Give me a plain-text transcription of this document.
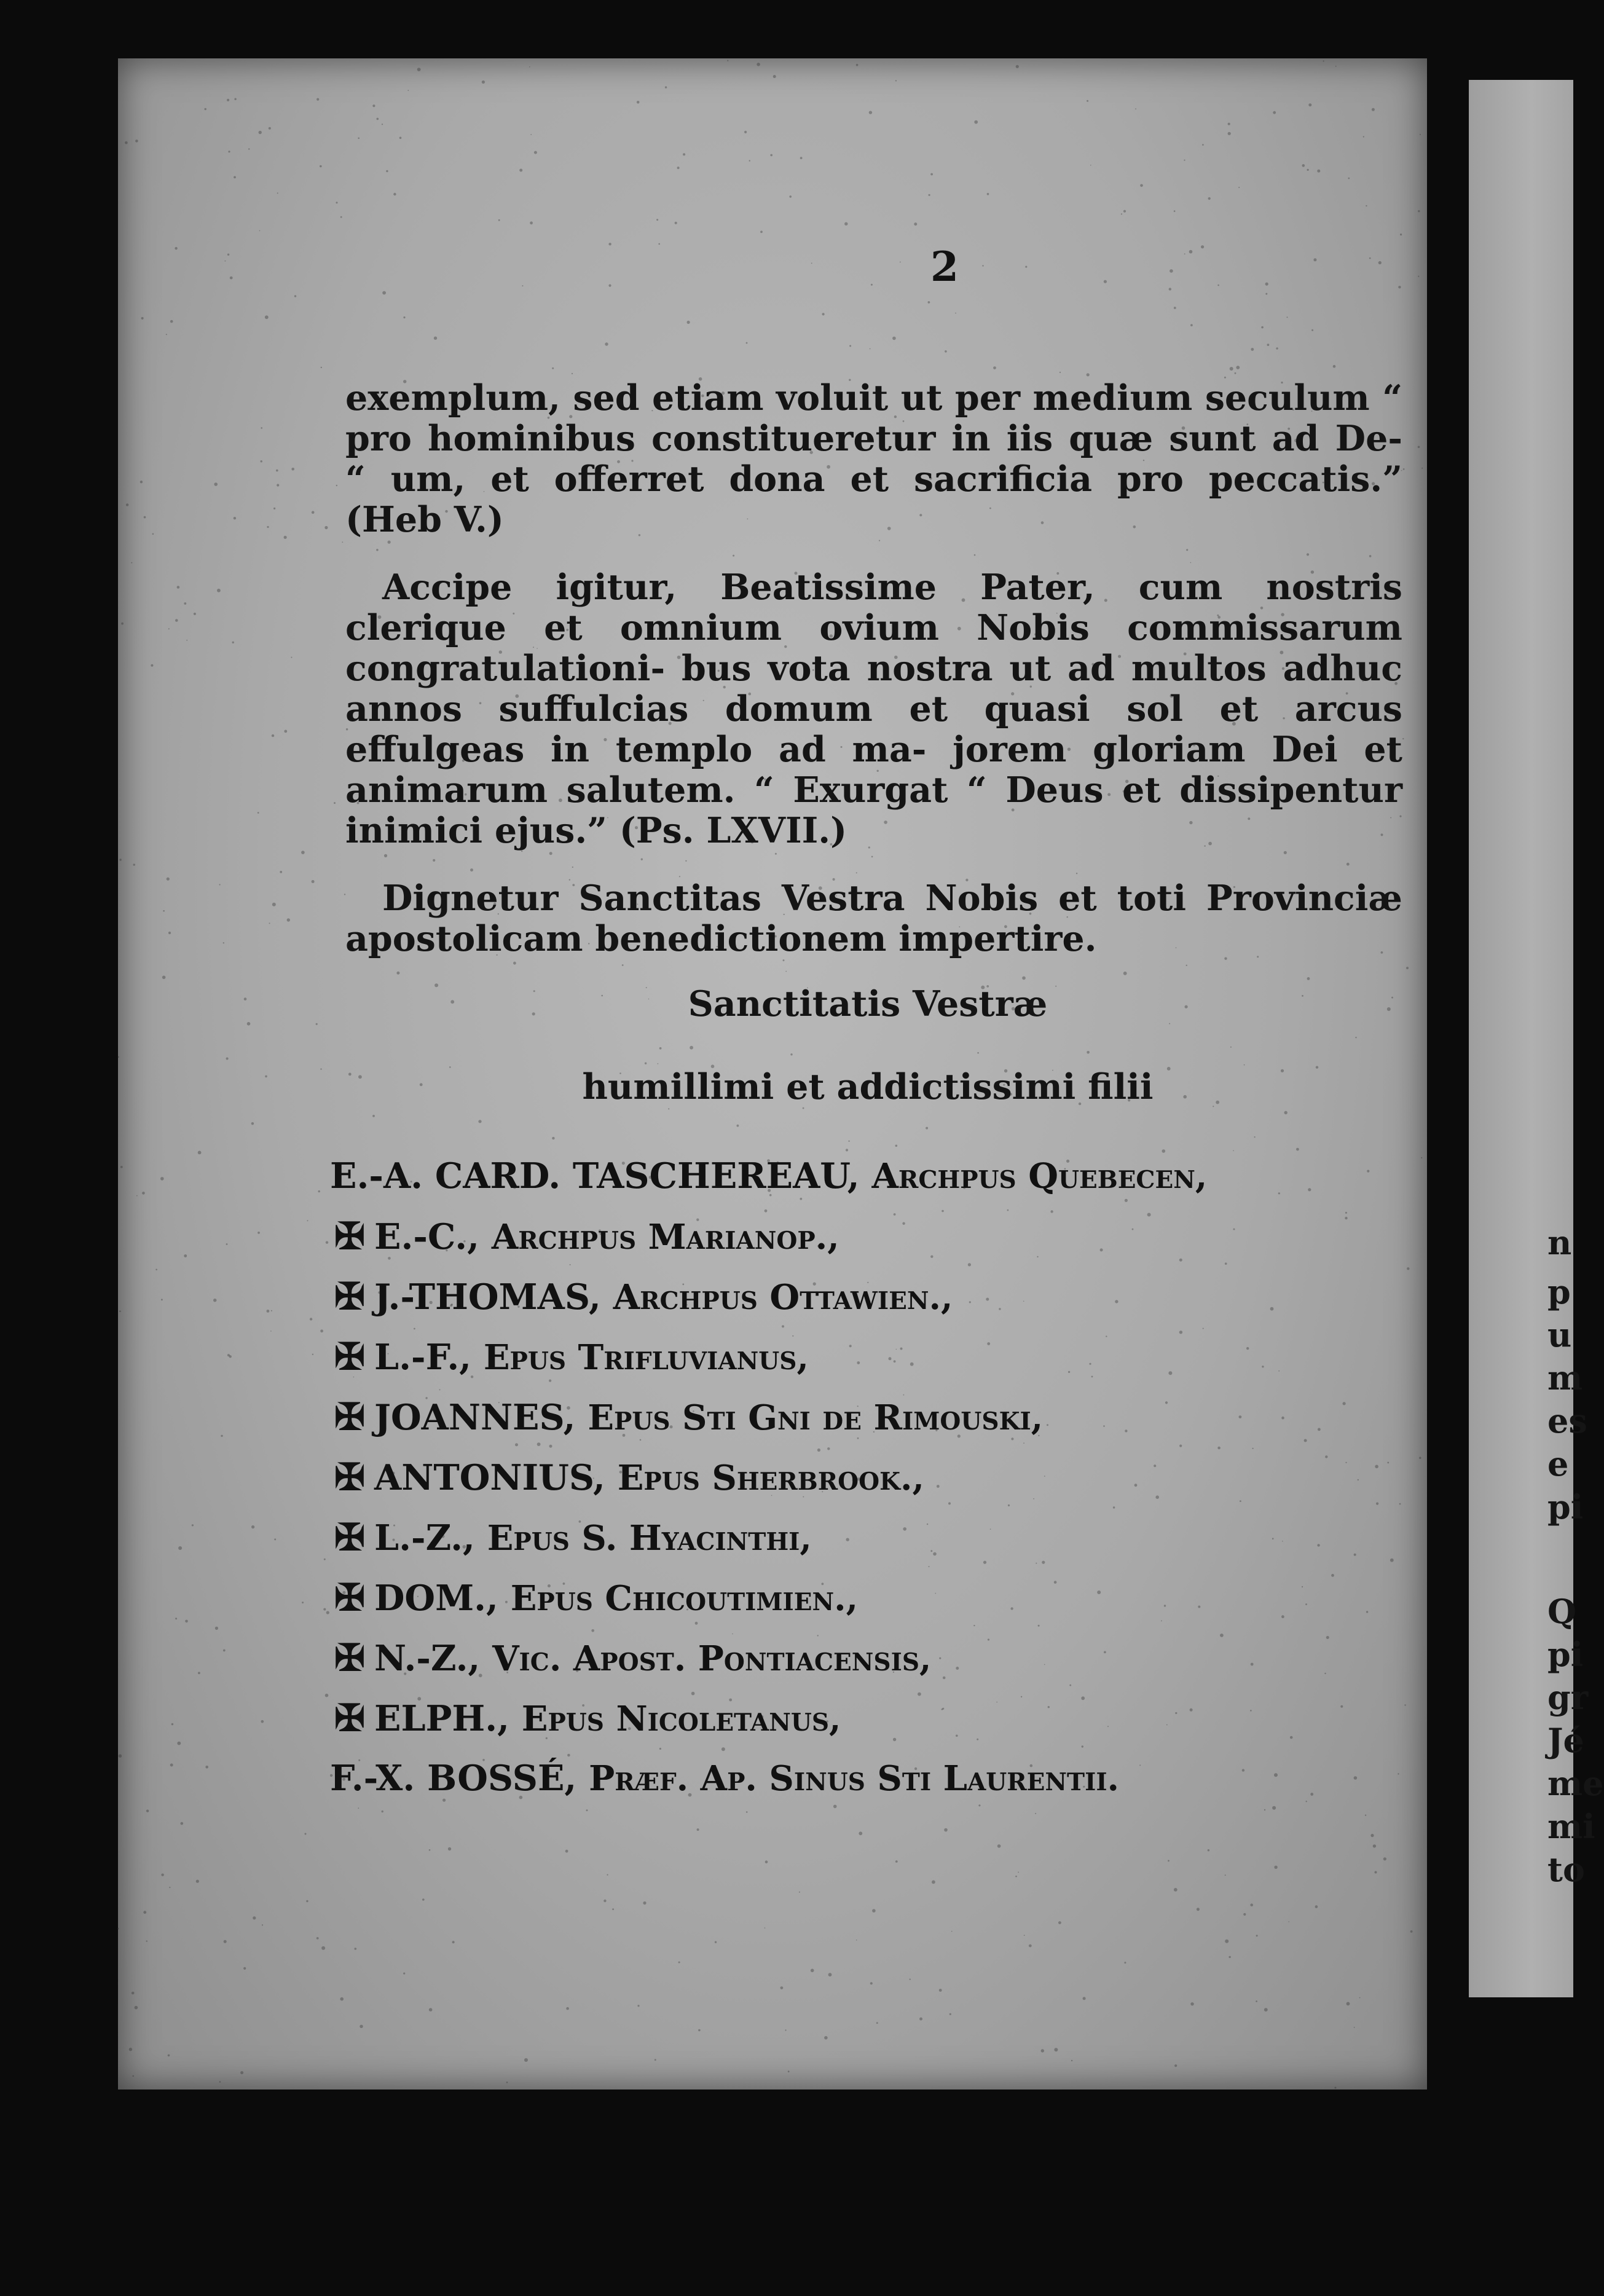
2

exemplum, sed etiam voluit ut per medium seculum “ pro hominibus constitueretur in iis quæ sunt ad De- “ um, et offerret dona et sacrificia pro peccatis.” (Heb V.)

Accipe igitur, Beatissime Pater, cum nostris clerique et omnium ovium Nobis commissarum congratulationi- bus vota nostra ut ad multos adhuc annos suffulcias domum et quasi sol et arcus effulgeas in templo ad ma- jorem gloriam Dei et animarum salutem. “ Exurgat “ Deus et dissipentur inimici ejus.” (Ps. LXVII.)

Dignetur Sanctitas Vestra Nobis et toti Provinciæ apostolicam benedictionem impertire.

Sanctitatis Vestræ
humillimi et addictissimi filii
E.-A. CARD. TASCHEREAU, Archpus Quebecen,
✠ E.-C., Archpus Marianop.,
✠ J.-THOMAS, Archpus Ottawien.,
✠ L.-F., Epus Trifluvianus,
✠ JOANNES, Epus Sti Gni de Rimouski,
✠ ANTONIUS, Epus Sherbrook.,
✠ L.-Z., Epus S. Hyacinthi,
✠ DOM., Epus Chicoutimien.,
✠ N.-Z., Vic. Apost. Pontiacensis,
✠ ELPH., Epus Nicoletanus,
F.-X. BOSSÉ, Præf. Ap. Sinus Sti Laurentii.
n
p
u
m
es
e
pi
Q
pi
gr
Jé
me
mi
to
